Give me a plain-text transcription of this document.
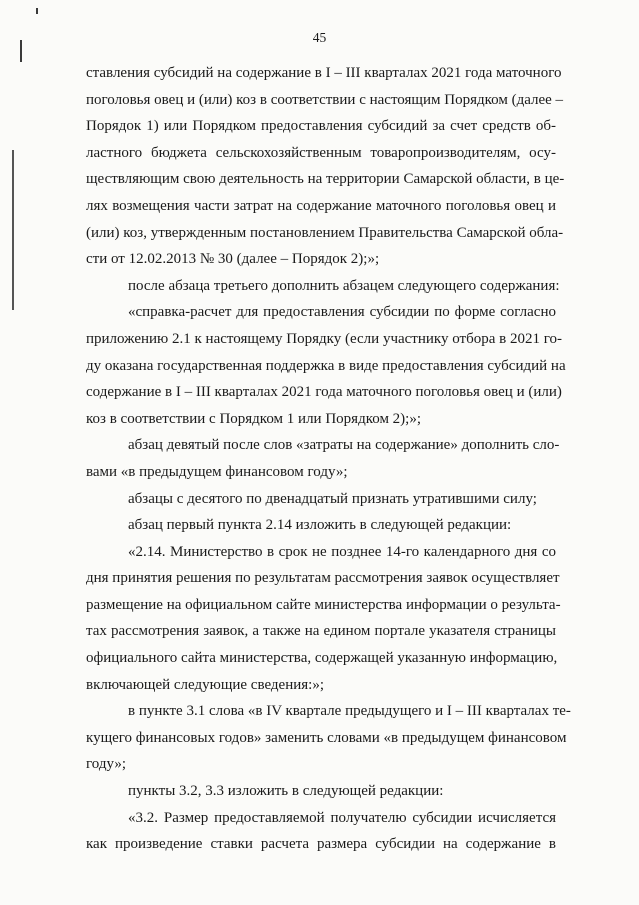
45
ставления субсидий на содержание в I – III кварталах 2021 года маточного
поголовья овец и (или) коз в соответствии с настоящим Порядком (далее –
Порядок 1) или Порядком предоставления субсидий за счет средств об-
ластного бюджета сельскохозяйственным товаропроизводителям, осу-
ществляющим свою деятельность на территории Самарской области, в це-
лях возмещения части затрат на содержание маточного поголовья овец и
(или) коз, утвержденным постановлением Правительства Самарской обла-
сти от 12.02.2013 № 30 (далее – Порядок 2);»;
после абзаца третьего дополнить абзацем следующего содержания:
«справка-расчет для предоставления субсидии по форме согласно
приложению 2.1 к настоящему Порядку (если участнику отбора в 2021 го-
ду оказана государственная поддержка в виде предоставления субсидий на
содержание в I – III кварталах 2021 года маточного поголовья овец и (или)
коз в соответствии с Порядком 1 или Порядком 2);»;
абзац девятый после слов «затраты на содержание» дополнить сло-
вами «в предыдущем финансовом году»;
абзацы с десятого по двенадцатый признать утратившими силу;
абзац первый пункта 2.14 изложить в следующей редакции:
«2.14. Министерство в срок не позднее 14-го календарного дня со
дня принятия решения по результатам рассмотрения заявок осуществляет
размещение на официальном сайте министерства информации о результа-
тах рассмотрения заявок, а также на едином портале указателя страницы
официального сайта министерства, содержащей указанную информацию,
включающей следующие сведения:»;
в пункте 3.1 слова «в IV квартале предыдущего и I – III кварталах те-
кущего финансовых годов» заменить словами «в предыдущем финансовом
году»;
пункты 3.2, 3.3 изложить в следующей редакции:
«3.2. Размер предоставляемой получателю субсидии исчисляется
как произведение ставки расчета размера субсидии на содержание в
